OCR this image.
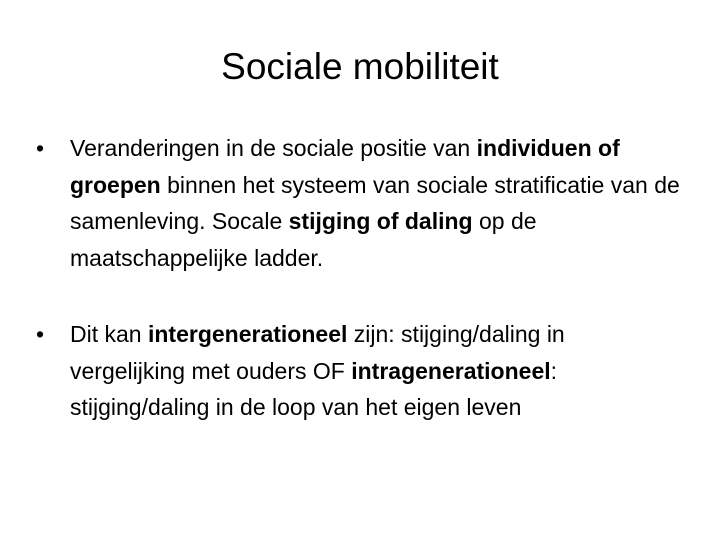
Sociale mobiliteit
•	Veranderingen in de sociale positie van individuen of groepen binnen het systeem van sociale stratificatie van de samenleving. Socale stijging of daling op de maatschappelijke ladder.
•	Dit kan intergenerationeel zijn: stijging/daling in vergelijking met ouders OF intragenerationeel: stijging/daling in de loop van het eigen leven
